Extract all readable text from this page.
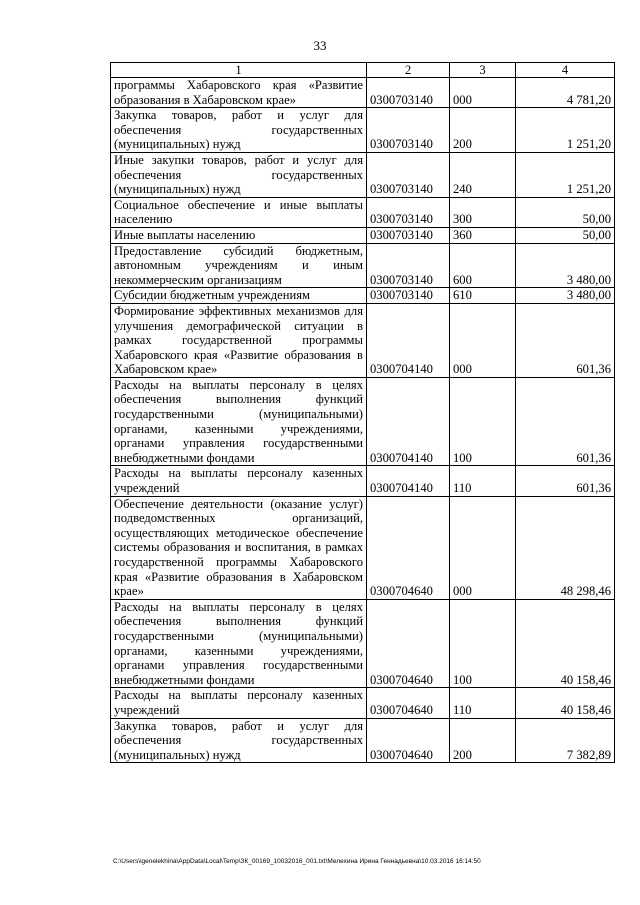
33
1	2	3	4
программы Хабаровского края «Развитие образования в Хабаровском крае»	0300703140	000	4 781,20
Закупка товаров, работ и услуг для обеспечения государственных (муниципальных) нужд	0300703140	200	1 251,20
Иные закупки товаров, работ и услуг для обеспечения государственных (муниципальных) нужд	0300703140	240	1 251,20
Социальное обеспечение и иные выплаты населению	0300703140	300	50,00
Иные выплаты населению	0300703140	360	50,00
Предоставление субсидий бюджетным, автономным учреждениям и иным некоммерческим организациям	0300703140	600	3 480,00
Субсидии бюджетным учреждениям	0300703140	610	3 480,00
Формирование эффективных механизмов для улучшения демографической ситуации в рамках государственной программы Хабаровского края «Развитие образования в Хабаровском крае»	0300704140	000	601,36
Расходы на выплаты персоналу в целях обеспечения выполнения функций государственными (муниципальными) органами, казенными учреждениями, органами управления государственными внебюджетными фондами	0300704140	100	601,36
Расходы на выплаты персоналу казенных учреждений	0300704140	110	601,36
Обеспечение деятельности (оказание услуг) подведомственных организаций, осуществляющих методическое обеспечение системы образования и воспитания, в рамках государственной программы Хабаровского края «Развитие образования в Хабаровском крае»	0300704640	000	48 298,46
Расходы на выплаты персоналу в целях обеспечения выполнения функций государственными (муниципальными) органами, казенными учреждениями, органами управления государственными внебюджетными фондами	0300704640	100	40 158,46
Расходы на выплаты персоналу казенных учреждений	0300704640	110	40 158,46
Закупка товаров, работ и услуг для обеспечения государственных (муниципальных) нужд	0300704640	200	7 382,89
C:\Users\igenelekhina\AppData\Local\Temp\ЗК_00169_10032016_001.txt\Мелехина Ирина Геннадьевна\10.03.2016 16:14:50
